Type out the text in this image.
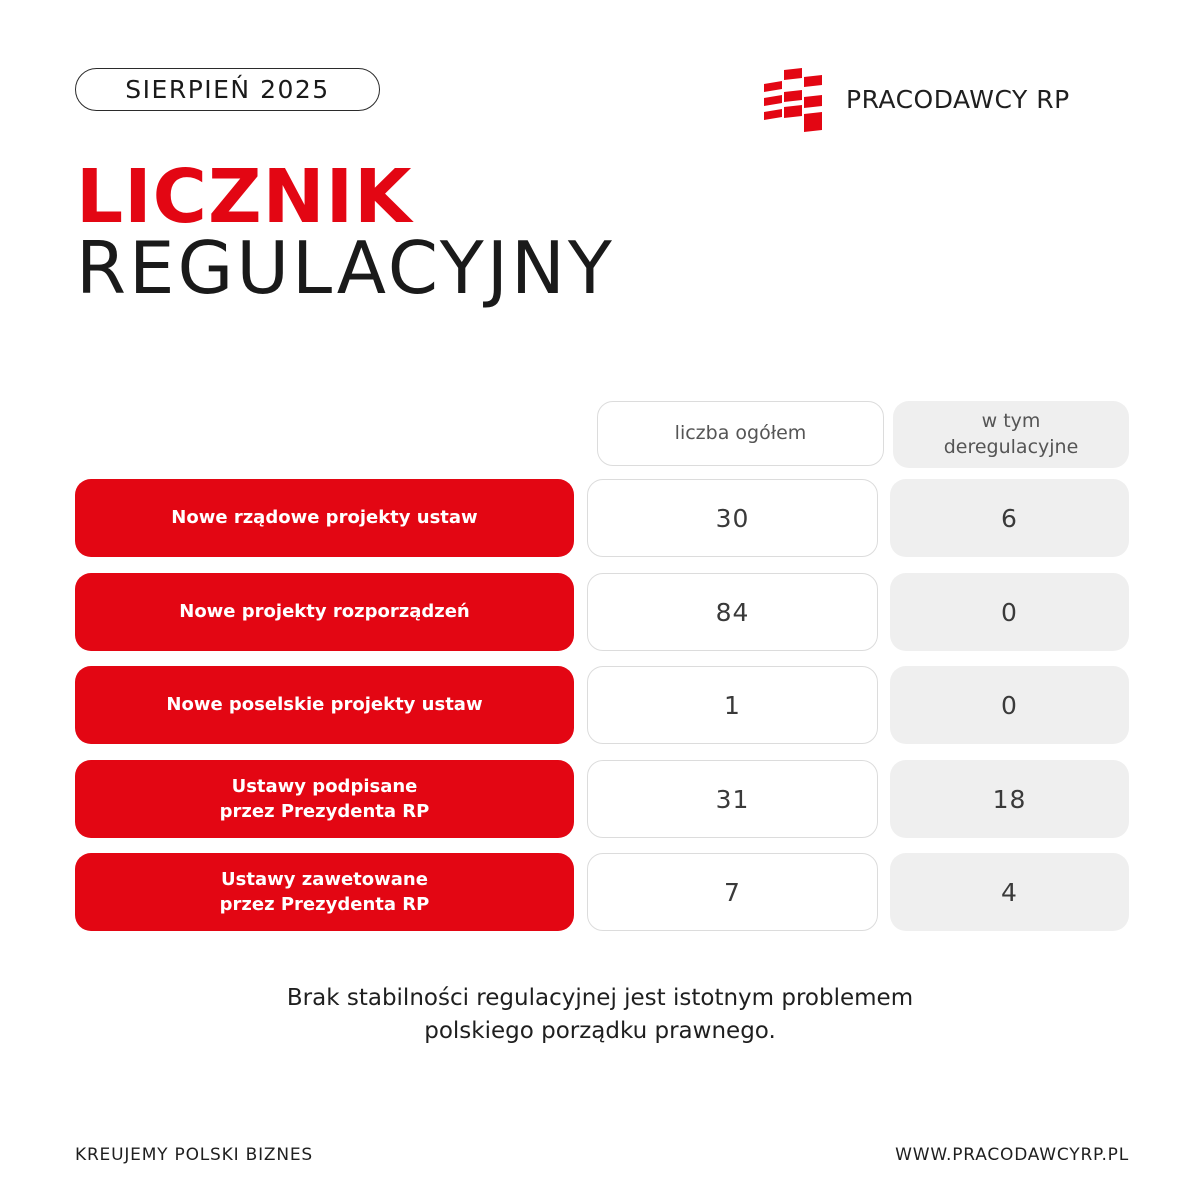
SIERPIEŃ 2025	PRACODAWCY RP
LICZNIK
REGULACYJNY
liczba ogółem
w tym
deregulacyjne
Nowe rządowe projekty ustaw	30	6
Nowe projekty rozporządzeń	84	0
Nowe poselskie projekty ustaw	1	0
Ustawy podpisane
przez Prezydenta RP	31	18
Ustawy zawetowane
przez Prezydenta RP	7	4

Brak stabilności regulacyjnej jest istotnym problemem
polskiego porządku prawnego.

KREUJEMY POLSKI BIZNES	WWW.PRACODAWCYRP.PL
